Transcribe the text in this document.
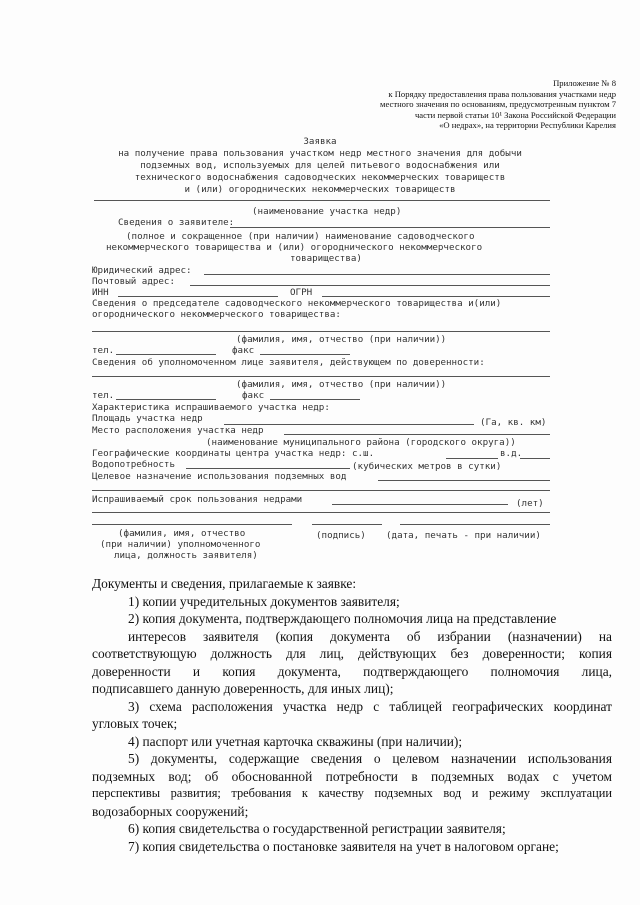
Приложение № 8
к Порядку предоставления права пользования участками недр
местного значения по основаниям, предусмотренным пунктом 7
части первой статьи 10¹ Закона Российской Федерации
«О недрах», на территории Республики Карелия
Заявка
на получение права пользования участком недр местного значения для добычи
подземных вод, используемых для целей питьевого водоснабжения или
технического водоснабжения садоводческих некоммерческих товариществ
и (или) огороднических некоммерческих товариществ
(наименование участка недр)
Сведения о заявителе:
(полное и сокращенное (при наличии) наименование садоводческого
некоммерческого товарищества и (или) огороднического некоммерческого
товарищества)
Юридический адрес:
Почтовый адрес:
ИНН	ОГРН
Сведения о председателе садоводческого некоммерческого товарищества и(или)
огороднического некоммерческого товарищества:
(фамилия, имя, отчество (при наличии))
тел.	факс
Сведения об уполномоченном лице заявителя, действующем по доверенности:
(фамилия, имя, отчество (при наличии))
тел.	факс
Характеристика испрашиваемого участка недр:
Площадь участка недр	(Га, кв. км)
Место расположения участка недр
(наименование муниципального района (городского округа))
Географические координаты центра участка недр: с.ш.	в.д.
Водопотребность	(кубических метров в сутки)
Целевое назначение использования подземных вод
Испрашиваемый срок пользования недрами	(лет)
(фамилия, имя, отчество	(подпись) (дата, печать - при наличии)
(при наличии) уполномоченного
лица, должность заявителя)

Документы и сведения, прилагаемые к заявке:

1) копии учредительных документов заявителя;

2) копия документа, подтверждающего полномочия лица на представление

интересов заявителя (копия документа об избрании (назначении) на

соответствующую должность для лиц, действующих без доверенности; копия

доверенности и копия документа, подтверждающего полномочия лица,

подписавшего данную доверенность, для иных лиц);

3) схема расположения участка недр с таблицей географических координат

угловых точек;

4) паспорт или учетная карточка скважины (при наличии);

5) документы, содержащие сведения о целевом назначении использования

подземных вод; об обоснованной потребности в подземных водах с учетом

перспективы развития; требования к качеству подземных вод и режиму эксплуатации

водозаборных сооружений;

6) копия свидетельства о государственной регистрации заявителя;

7) копия свидетельства о постановке заявителя на учет в налоговом органе;
